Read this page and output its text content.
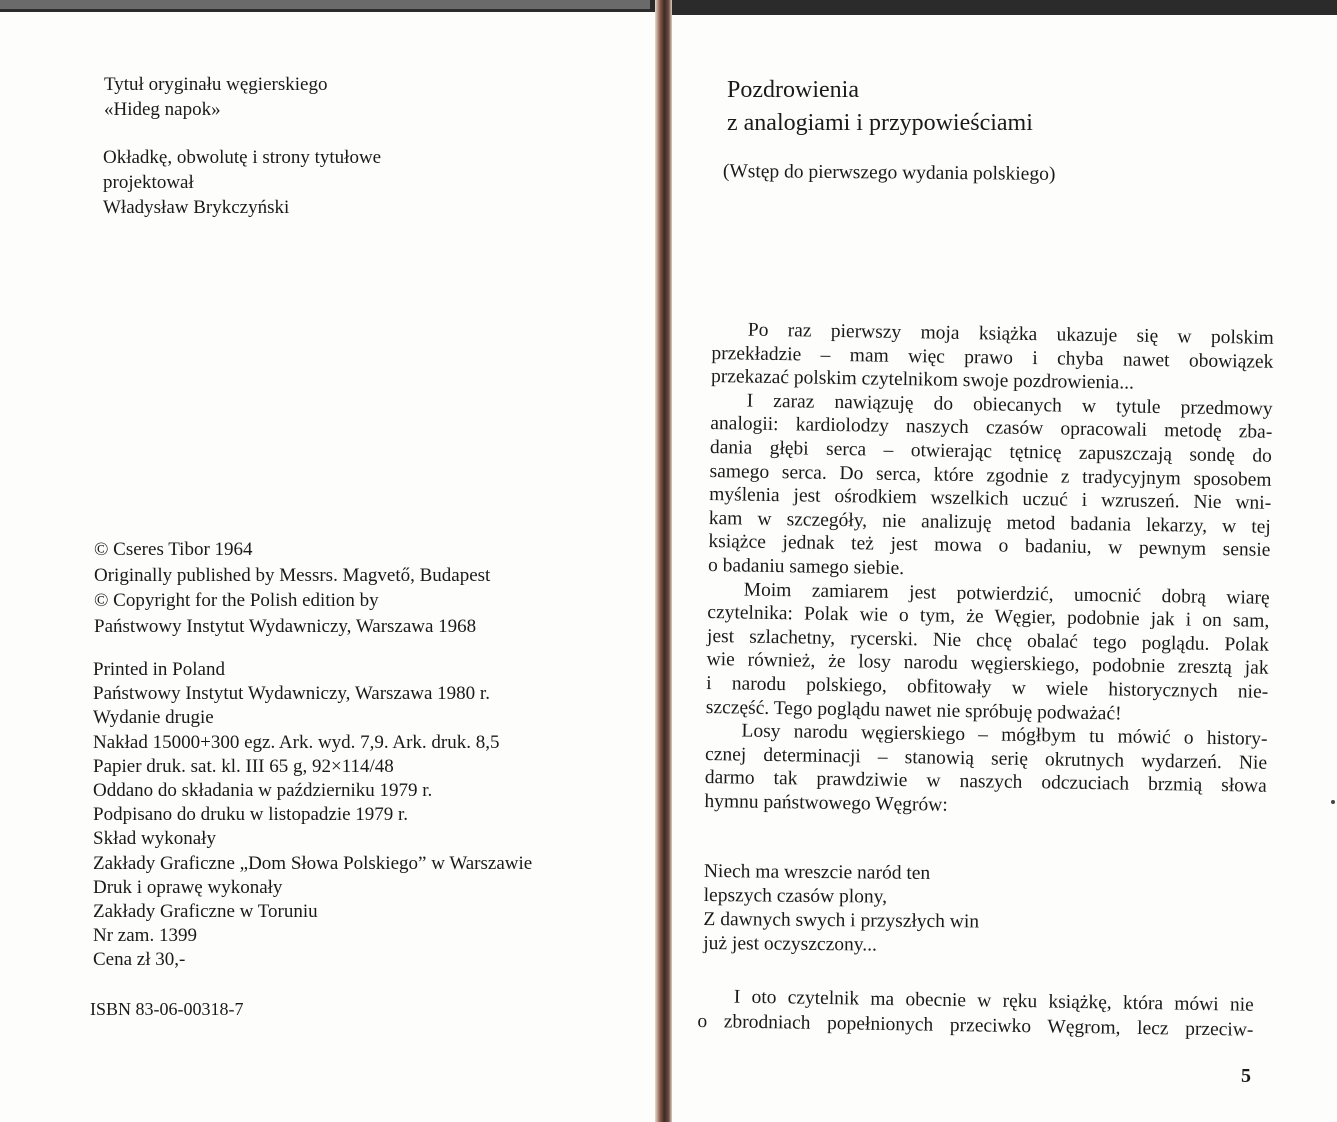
Tytuł oryginału węgierskiego
«Hideg napok»
Okładkę, obwolutę i strony tytułowe
projektował
Władysław Brykczyński
© Cseres Tibor 1964
Originally published by Messrs. Magvető, Budapest
© Copyright for the Polish edition by
Państwowy Instytut Wydawniczy, Warszawa 1968
Printed in Poland
Państwowy Instytut Wydawniczy, Warszawa 1980 r.
Wydanie drugie
Nakład 15000+300 egz. Ark. wyd. 7,9. Ark. druk. 8,5
Papier druk. sat. kl. III 65 g, 92×114/48
Oddano do składania w październiku 1979 r.
Podpisano do druku w listopadzie 1979 r.
Skład wykonały
Zakłady Graficzne „Dom Słowa Polskiego” w Warszawie
Druk i oprawę wykonały
Zakłady Graficzne w Toruniu
Nr zam. 1399
Cena zł 30,-
ISBN 83-06-00318-7
Pozdrowienia
z analogiami i przypowieściami
(Wstęp do pierwszego wydania polskiego)
Po raz pierwszy moja książka ukazuje się w polskim
przekładzie – mam więc prawo i chyba nawet obowiązek
przekazać polskim czytelnikom swoje pozdrowienia...
I zaraz nawiązuję do obiecanych w tytule przedmowy
analogii: kardiolodzy naszych czasów opracowali metodę zba-
dania głębi serca – otwierając tętnicę zapuszczają sondę do
samego serca. Do serca, które zgodnie z tradycyjnym sposobem
myślenia jest ośrodkiem wszelkich uczuć i wzruszeń. Nie wni-
kam w szczegóły, nie analizuję metod badania lekarzy, w tej
książce jednak też jest mowa o badaniu, w pewnym sensie
o badaniu samego siebie.
Moim zamiarem jest potwierdzić, umocnić dobrą wiarę
czytelnika: Polak wie o tym, że Węgier, podobnie jak i on sam,
jest szlachetny, rycerski. Nie chcę obalać tego poglądu. Polak
wie również, że losy narodu węgierskiego, podobnie zresztą jak
i narodu polskiego, obfitowały w wiele historycznych nie-
szczęść. Tego poglądu nawet nie spróbuję podważać!
Losy narodu węgierskiego – mógłbym tu mówić o history-
cznej determinacji – stanowią serię okrutnych wydarzeń. Nie
darmo tak prawdziwie w naszych odczuciach brzmią słowa
hymnu państwowego Węgrów:
Niech ma wreszcie naród ten
lepszych czasów plony,
Z dawnych swych i przyszłych win
już jest oczyszczony...
I oto czytelnik ma obecnie w ręku książkę, która mówi nie
o zbrodniach popełnionych przeciwko Węgrom, lecz przeciw-
5
